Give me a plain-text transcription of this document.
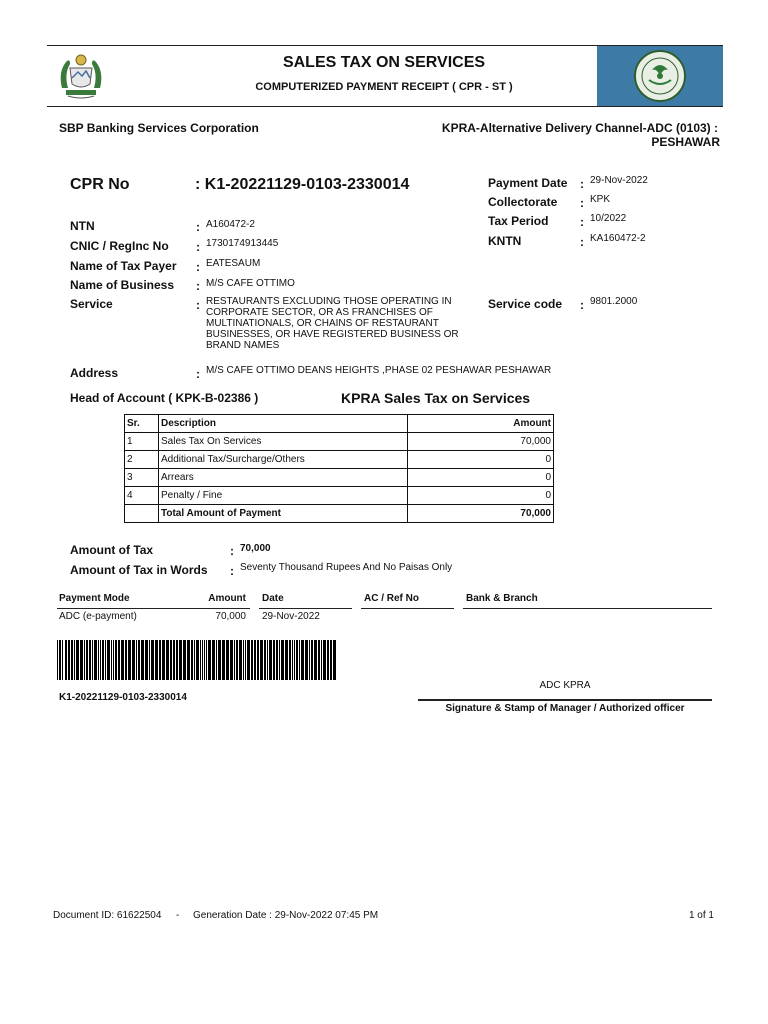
SALES TAX ON SERVICES
COMPUTERIZED PAYMENT RECEIPT ( CPR - ST )
SBP Banking Services Corporation	KPRA-Alternative Delivery Channel-ADC (0103) :
PESHAWAR
CPR No	: K1-20221129-0103-2330014
NTN	: A160472-2
CNIC / RegInc No : 1730174913445
Name of Tax Payer : EATESAUM
Name of Business : M/S CAFE OTTIMO
Service	: RESTAURANTS EXCLUDING THOSE OPERATING IN
CORPORATE SECTOR, OR AS FRANCHISES OF
MULTINATIONALS, OR CHAINS OF RESTAURANT
BUSINESSES, OR HAVE REGISTERED BUSINESS OR
BRAND NAMES
Address	: M/S CAFE OTTIMO DEANS HEIGHTS ,PHASE 02 PESHAWAR PESHAWAR
Payment Date : 29-Nov-2022
Collectorate : KPK
Tax Period	: 10/2022
KNTN	: KA160472-2
Service code : 9801.2000
Head of Account ( KPK-B-02386 )	KPRA Sales Tax on Services
Sr.	Description	Amount
1	Sales Tax On Services	70,000
2	Additional Tax/Surcharge/Others	0
3	Arrears	0
4	Penalty / Fine	0
	Total Amount of Payment	70,000
Amount of Tax	: 70,000
Amount of Tax in Words : Seventy Thousand Rupees And No Paisas Only
Payment Mode	Amount Date	AC / Ref No	Bank & Branch
ADC (e-payment)	70,000 29-Nov-2022
K1-20221129-0103-2330014
ADC KPRA
Signature & Stamp of Manager / Authorized officer
Document ID: 61622504 - Generation Date : 29-Nov-2022 07:45 PM	1 of 1
